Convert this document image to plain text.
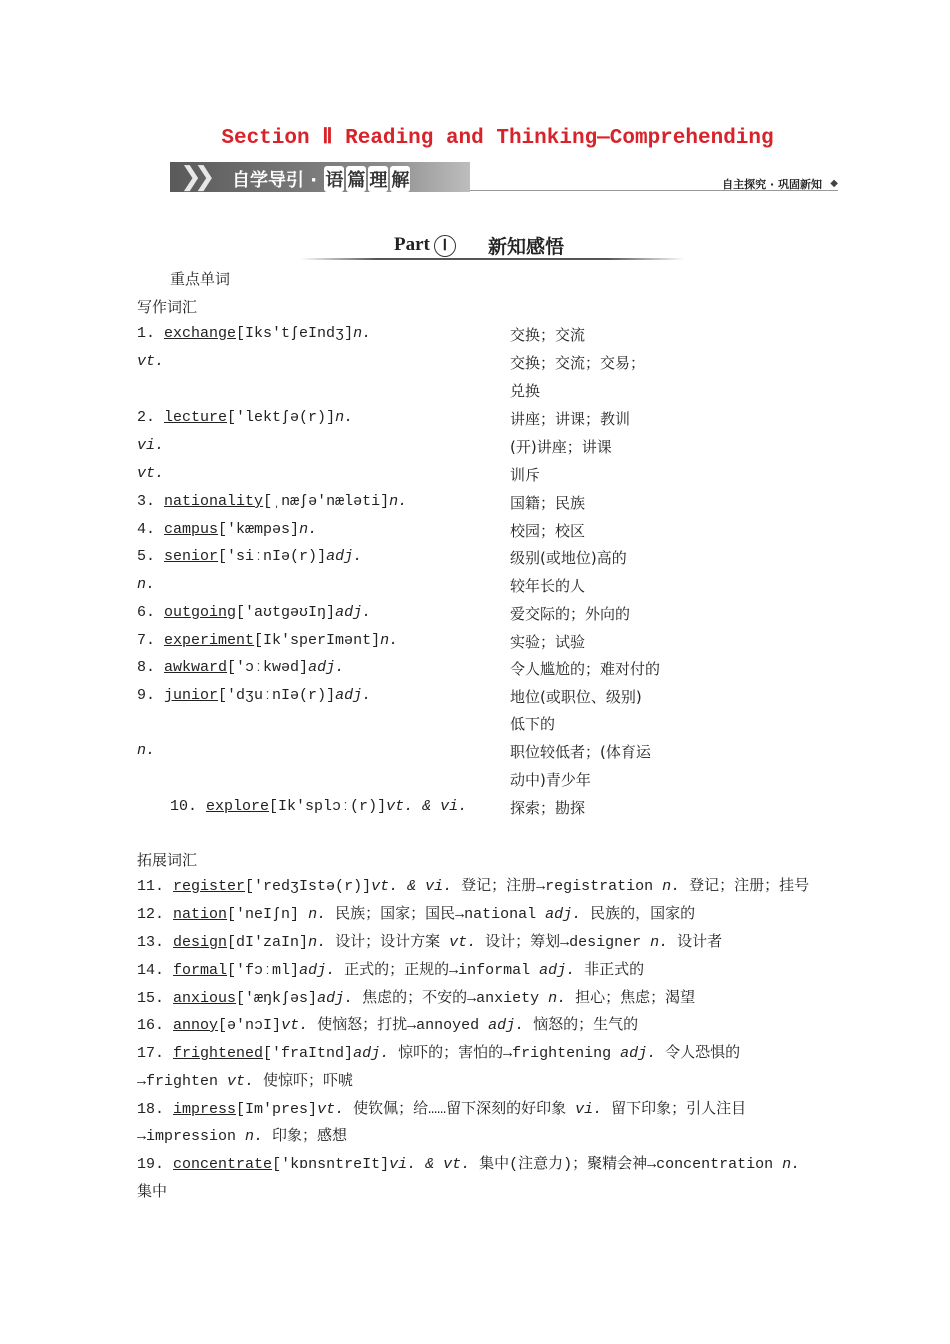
Section Ⅱ Reading and Thinking—Comprehending
❯❯ 自学导引 · 语 篇 理 解	自主探究 · 巩固新知 ◆
Part Ⅰ	新知感悟
重点单词
写作词汇
1. exchange[Iks'tʃeIndʒ]n.	交换；交流
vt.	交换；交流；交易；
兑换
2. lecture['lektʃə(r)]n.	讲座；讲课；教训
vi.	(开)讲座；讲课
vt.	训斥
3. nationality[ˌnæʃə'næləti]n.	国籍；民族
4. campus['kæmpəs]n.	校园；校区
5. senior['siːnIə(r)]adj.	级别(或地位)高的
n.	较年长的人
6. outgoing['aʊtgəʊIŋ]adj.	爱交际的；外向的
7. experiment[Ik'sperImənt]n.	实验；试验
8. awkward['ɔːkwəd]adj.	令人尴尬的；难对付的
9. junior['dʒuːnIə(r)]adj.	地位(或职位、级别)
低下的
n.	职位较低者；(体育运
动中)青少年
10. explore[Ik'splɔː(r)]vt. & vi.	探索；勘探
拓展词汇
11. register['redʒIstə(r)]vt. & vi. 登记；注册→registration n. 登记；注册；挂号
12. nation['neIʃn] n. 民族；国家；国民→national adj. 民族的，国家的
13. design[dI'zaIn]n. 设计；设计方案 vt. 设计；筹划→designer n. 设计者
14. formal['fɔːml]adj. 正式的；正规的→informal adj. 非正式的
15. anxious['æŋkʃəs]adj. 焦虑的；不安的→anxiety n. 担心；焦虑；渴望
16. annoy[ə'nɔI]vt. 使恼怒；打扰→annoyed adj. 恼怒的；生气的
17. frightened['fraItnd]adj. 惊吓的；害怕的→frightening adj. 令人恐惧的
→frighten vt. 使惊吓；吓唬
18. impress[Im'pres]vt. 使钦佩；给……留下深刻的好印象 vi. 留下印象；引人注目
→impression n. 印象；感想
19. concentrate['kɒnsntreIt]vi. & vt. 集中(注意力)；聚精会神→concentration n.
集中
